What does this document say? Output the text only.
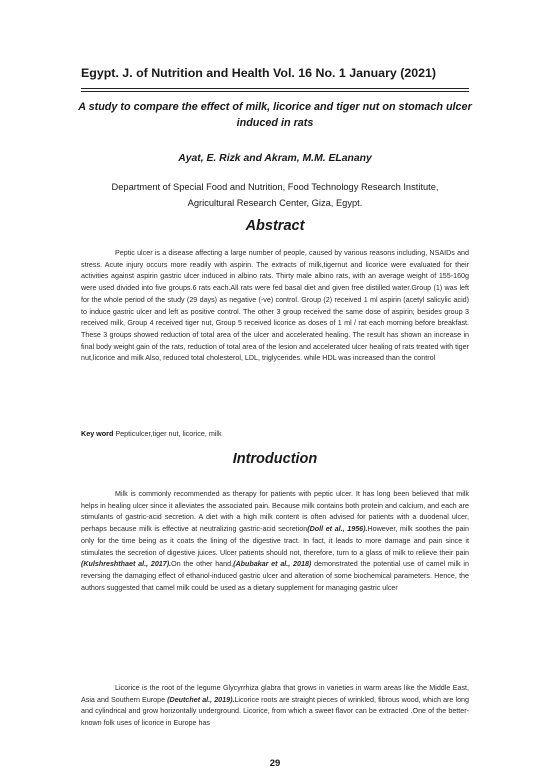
Egypt. J. of Nutrition and Health Vol. 16 No. 1 January (2021)
A study to compare the effect of milk, licorice and tiger nut on stomach ulcer induced in rats
Ayat, E. Rizk and Akram, M.M. ELanany
Department of Special Food and Nutrition, Food Technology Research Institute,
Agricultural Research Center, Giza, Egypt.
Abstract
Peptic ulcer is a disease affecting a large number of people, caused by various reasons including, NSAIDs and stress. Acute injury occurs more readily with aspirin. The extracts of milk,tigernut and licorice were evaluated for their activities against aspirin gastric ulcer induced in albino rats. Thirty male albino rats, with an average weight of 155-160g were used divided into five groups.6 rats each.All rats were fed basal diet and given free distilled water.Group (1) was left for the whole period of the study (29 days) as negative (-ve) control. Group (2) received 1 ml aspirin (acetyl salicylic acid) to induce gastric ulcer and left as positive control. The other 3 group received the same dose of aspirin; besides group 3 received milk, Group 4 received tiger nut, Group 5 received licorice as doses of 1 ml / rat each morning before breakfast. These 3 groups showed reduction of total area of the ulcer and accelerated healing. The result has shown an increase in final body weight gain of the rats, reduction of total area of the lesion and accelerated ulcer healing of rats treated with tiger nut,licorice and milk Also, reduced total cholesterol, LDL, triglycerides. while HDL was increased than the control
Key word Pepticulcer,tiger nut, licorice, milk
Introduction
Milk is commonly recommended as therapy for patients with peptic ulcer. It has long been believed that milk helps in healing ulcer since it alleviates the associated pain. Because milk contains both protein and calcium, and each are stimulants of gastric-acid secretion. A diet with a high milk content is often advised for patients with a duodenal ulcer, perhaps because milk is effective at neutralizing gastric-acid secretion(Doll et al., 1956).However, milk soothes the pain only for the time being as it coats the lining of the digestive tract. In fact, it leads to more damage and pain since it stimulates the secretion of digestive juices. Ulcer patients should not, therefore, turn to a glass of milk to relieve their pain (Kulshreshthaet al., 2017).On the other hand,(Abubakar et al., 2018) demonstrated the potential use of camel milk in reversing the damaging effect of ethanol-induced gastric ulcer and alteration of some biochemical parameters. Hence, the authors suggested that camel milk could be used as a dietary supplement for managing gastric ulcer
Licorice is the root of the legume Glycyrrhiza glabra that grows in varieties in warm areas like the Middle East, Asia and Southern Europe (Deutchet al., 2019).Licorice roots are straight pieces of wrinkled, fibrous wood, which are long and cylindrical and grow horizontally underground. Licorice, from which a sweet flavor can be extracted .One of the better-known folk uses of licorice in Europe has
29
